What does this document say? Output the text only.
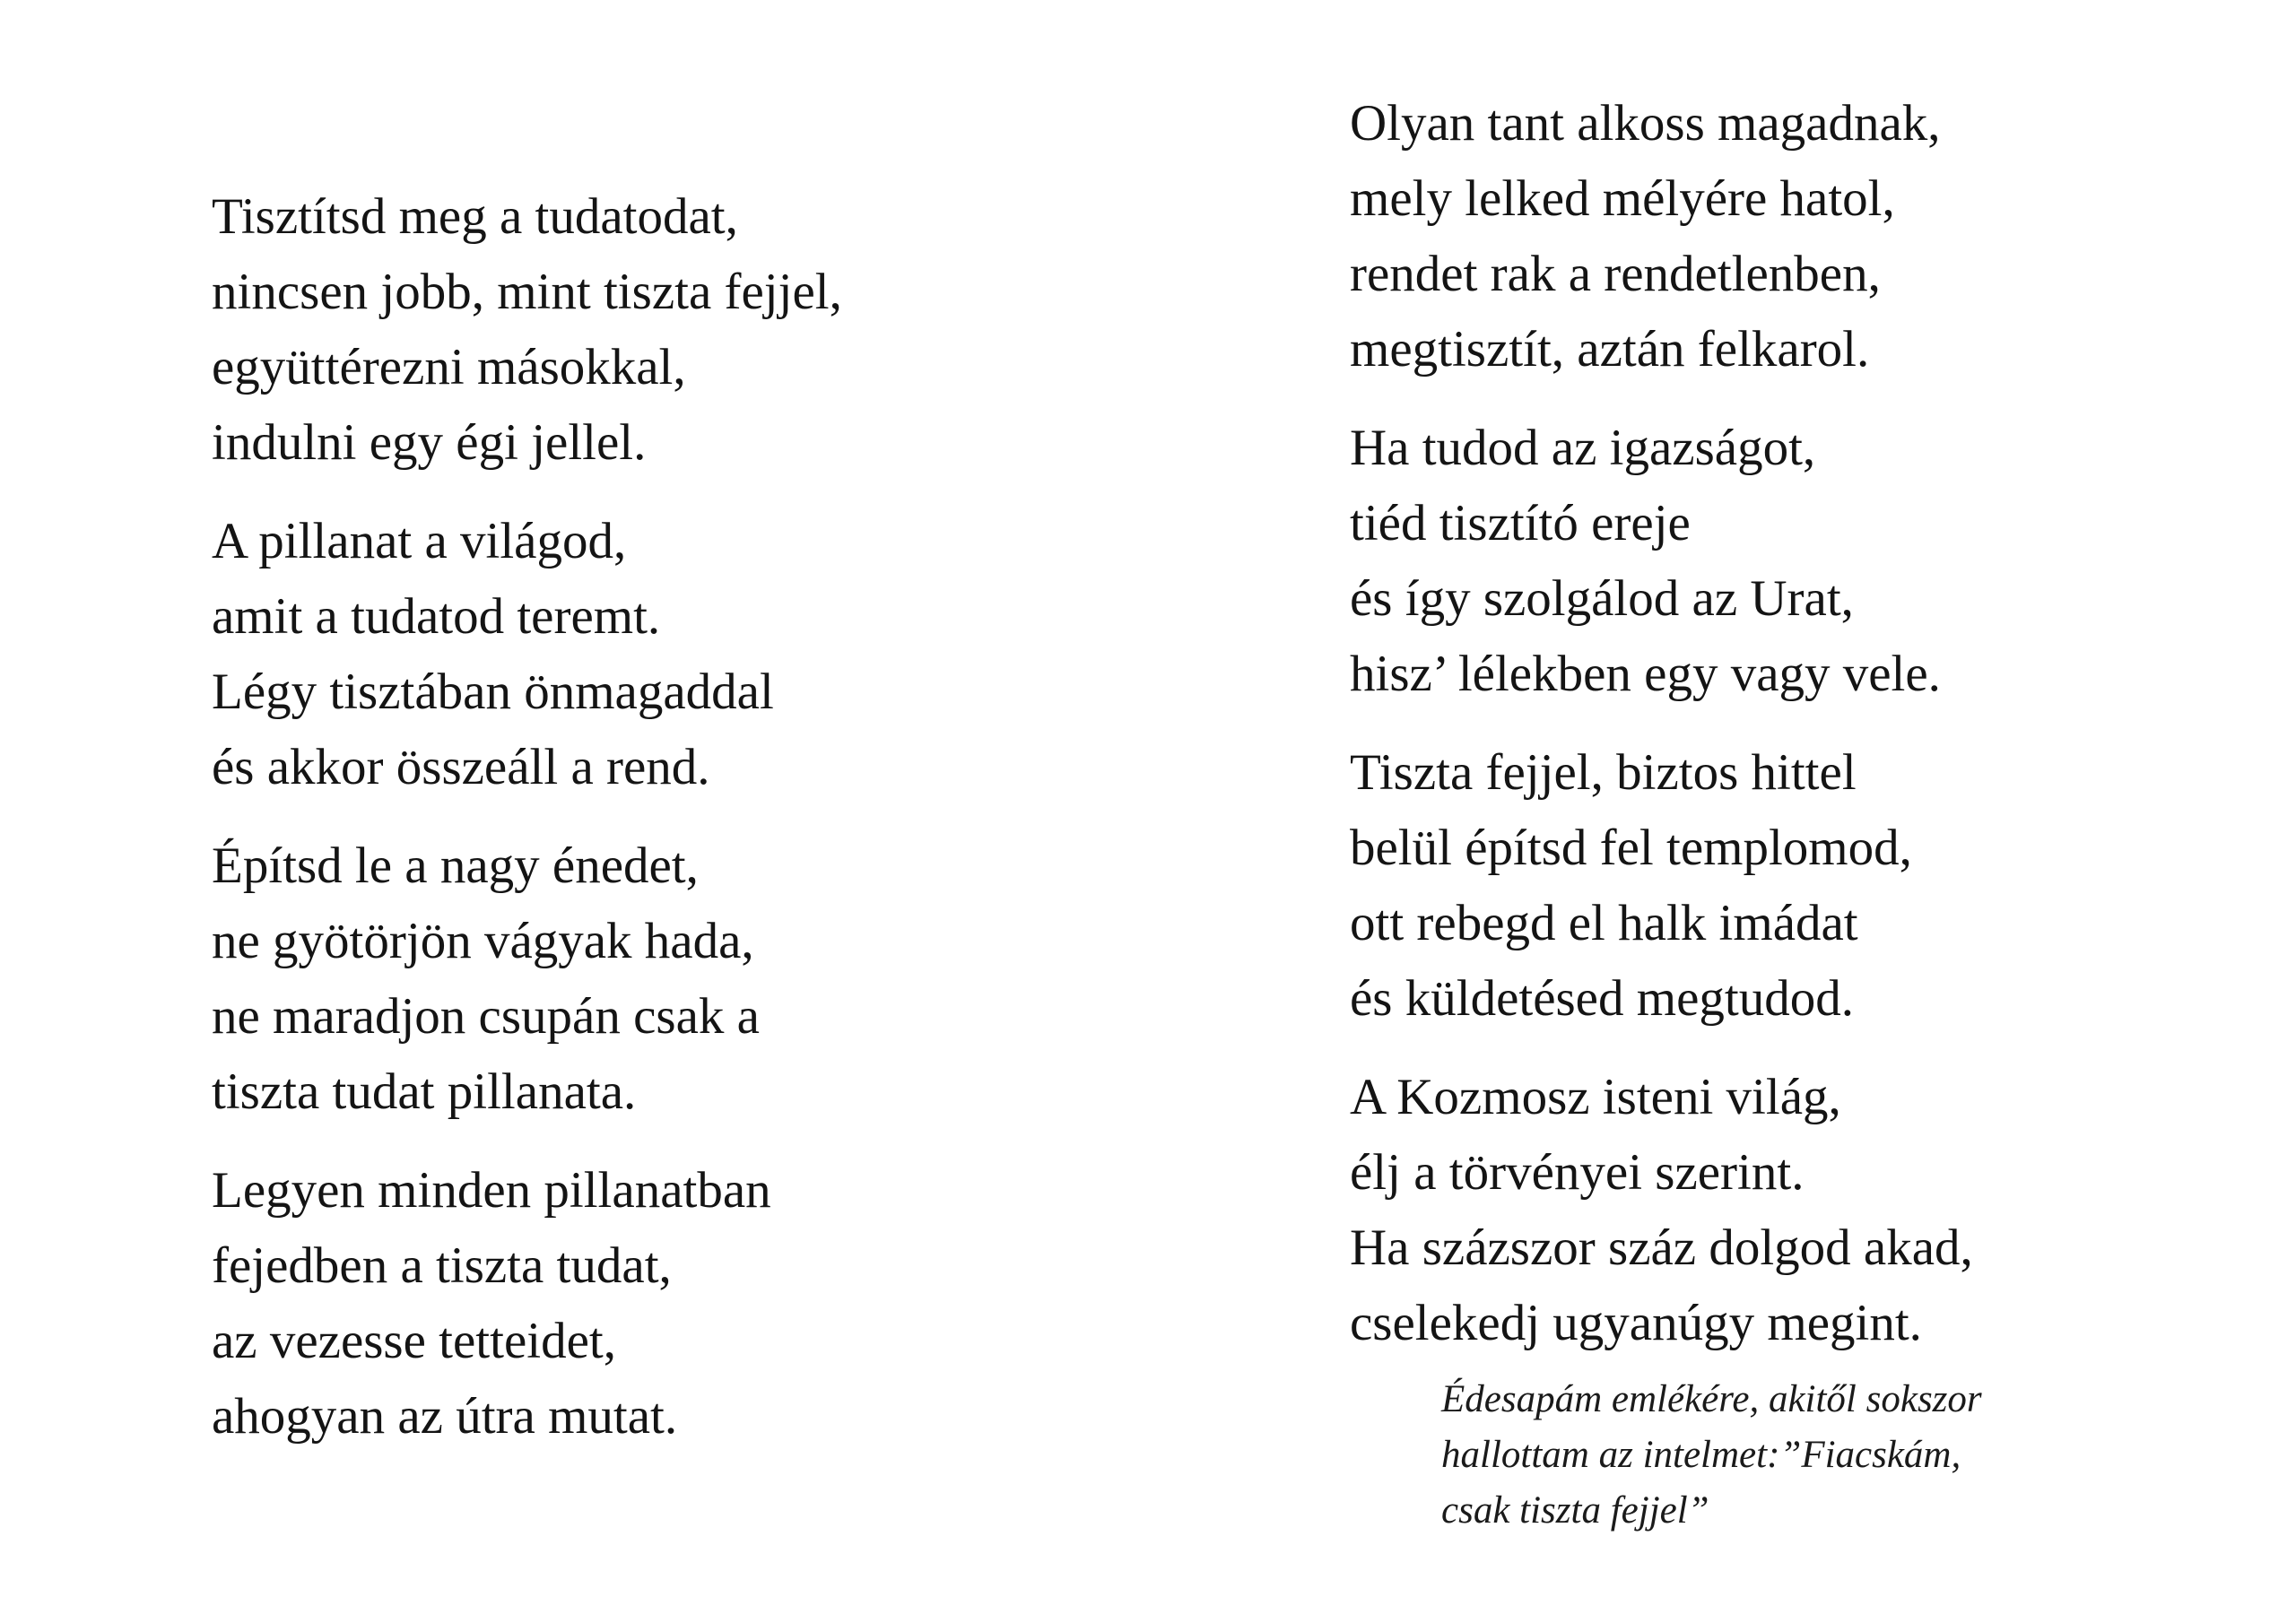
Tisztítsd meg a tudatodat,
nincsen jobb, mint tiszta fejjel,
együttérezni másokkal,
indulni egy égi jellel.
A pillanat a világod,
amit a tudatod teremt.
Légy tisztában önmagaddal
és akkor összeáll a rend.
Építsd le a nagy énedet,
ne gyötörjön vágyak hada,
ne maradjon csupán csak a
tiszta tudat pillanata.
Legyen minden pillanatban
fejedben a tiszta tudat,
az vezesse tetteidet,
ahogyan az útra mutat.
Olyan tant alkoss magadnak,
mely lelked mélyére hatol,
rendet rak a rendetlenben,
megtisztít, aztán felkarol.
Ha tudod az igazságot,
tiéd tisztító ereje
és így szolgálod az Urat,
hisz’ lélekben egy vagy vele.
Tiszta fejjel, biztos hittel
belül építsd fel templomod,
ott rebegd el halk imádat
és küldetésed megtudod.
A Kozmosz isteni világ,
élj a törvényei szerint.
Ha százszor száz dolgod akad,
cselekedj ugyanúgy megint.
Édesapám emlékére, akitől sokszor
hallottam az intelmet:”Fiacskám,
csak tiszta fejjel”
